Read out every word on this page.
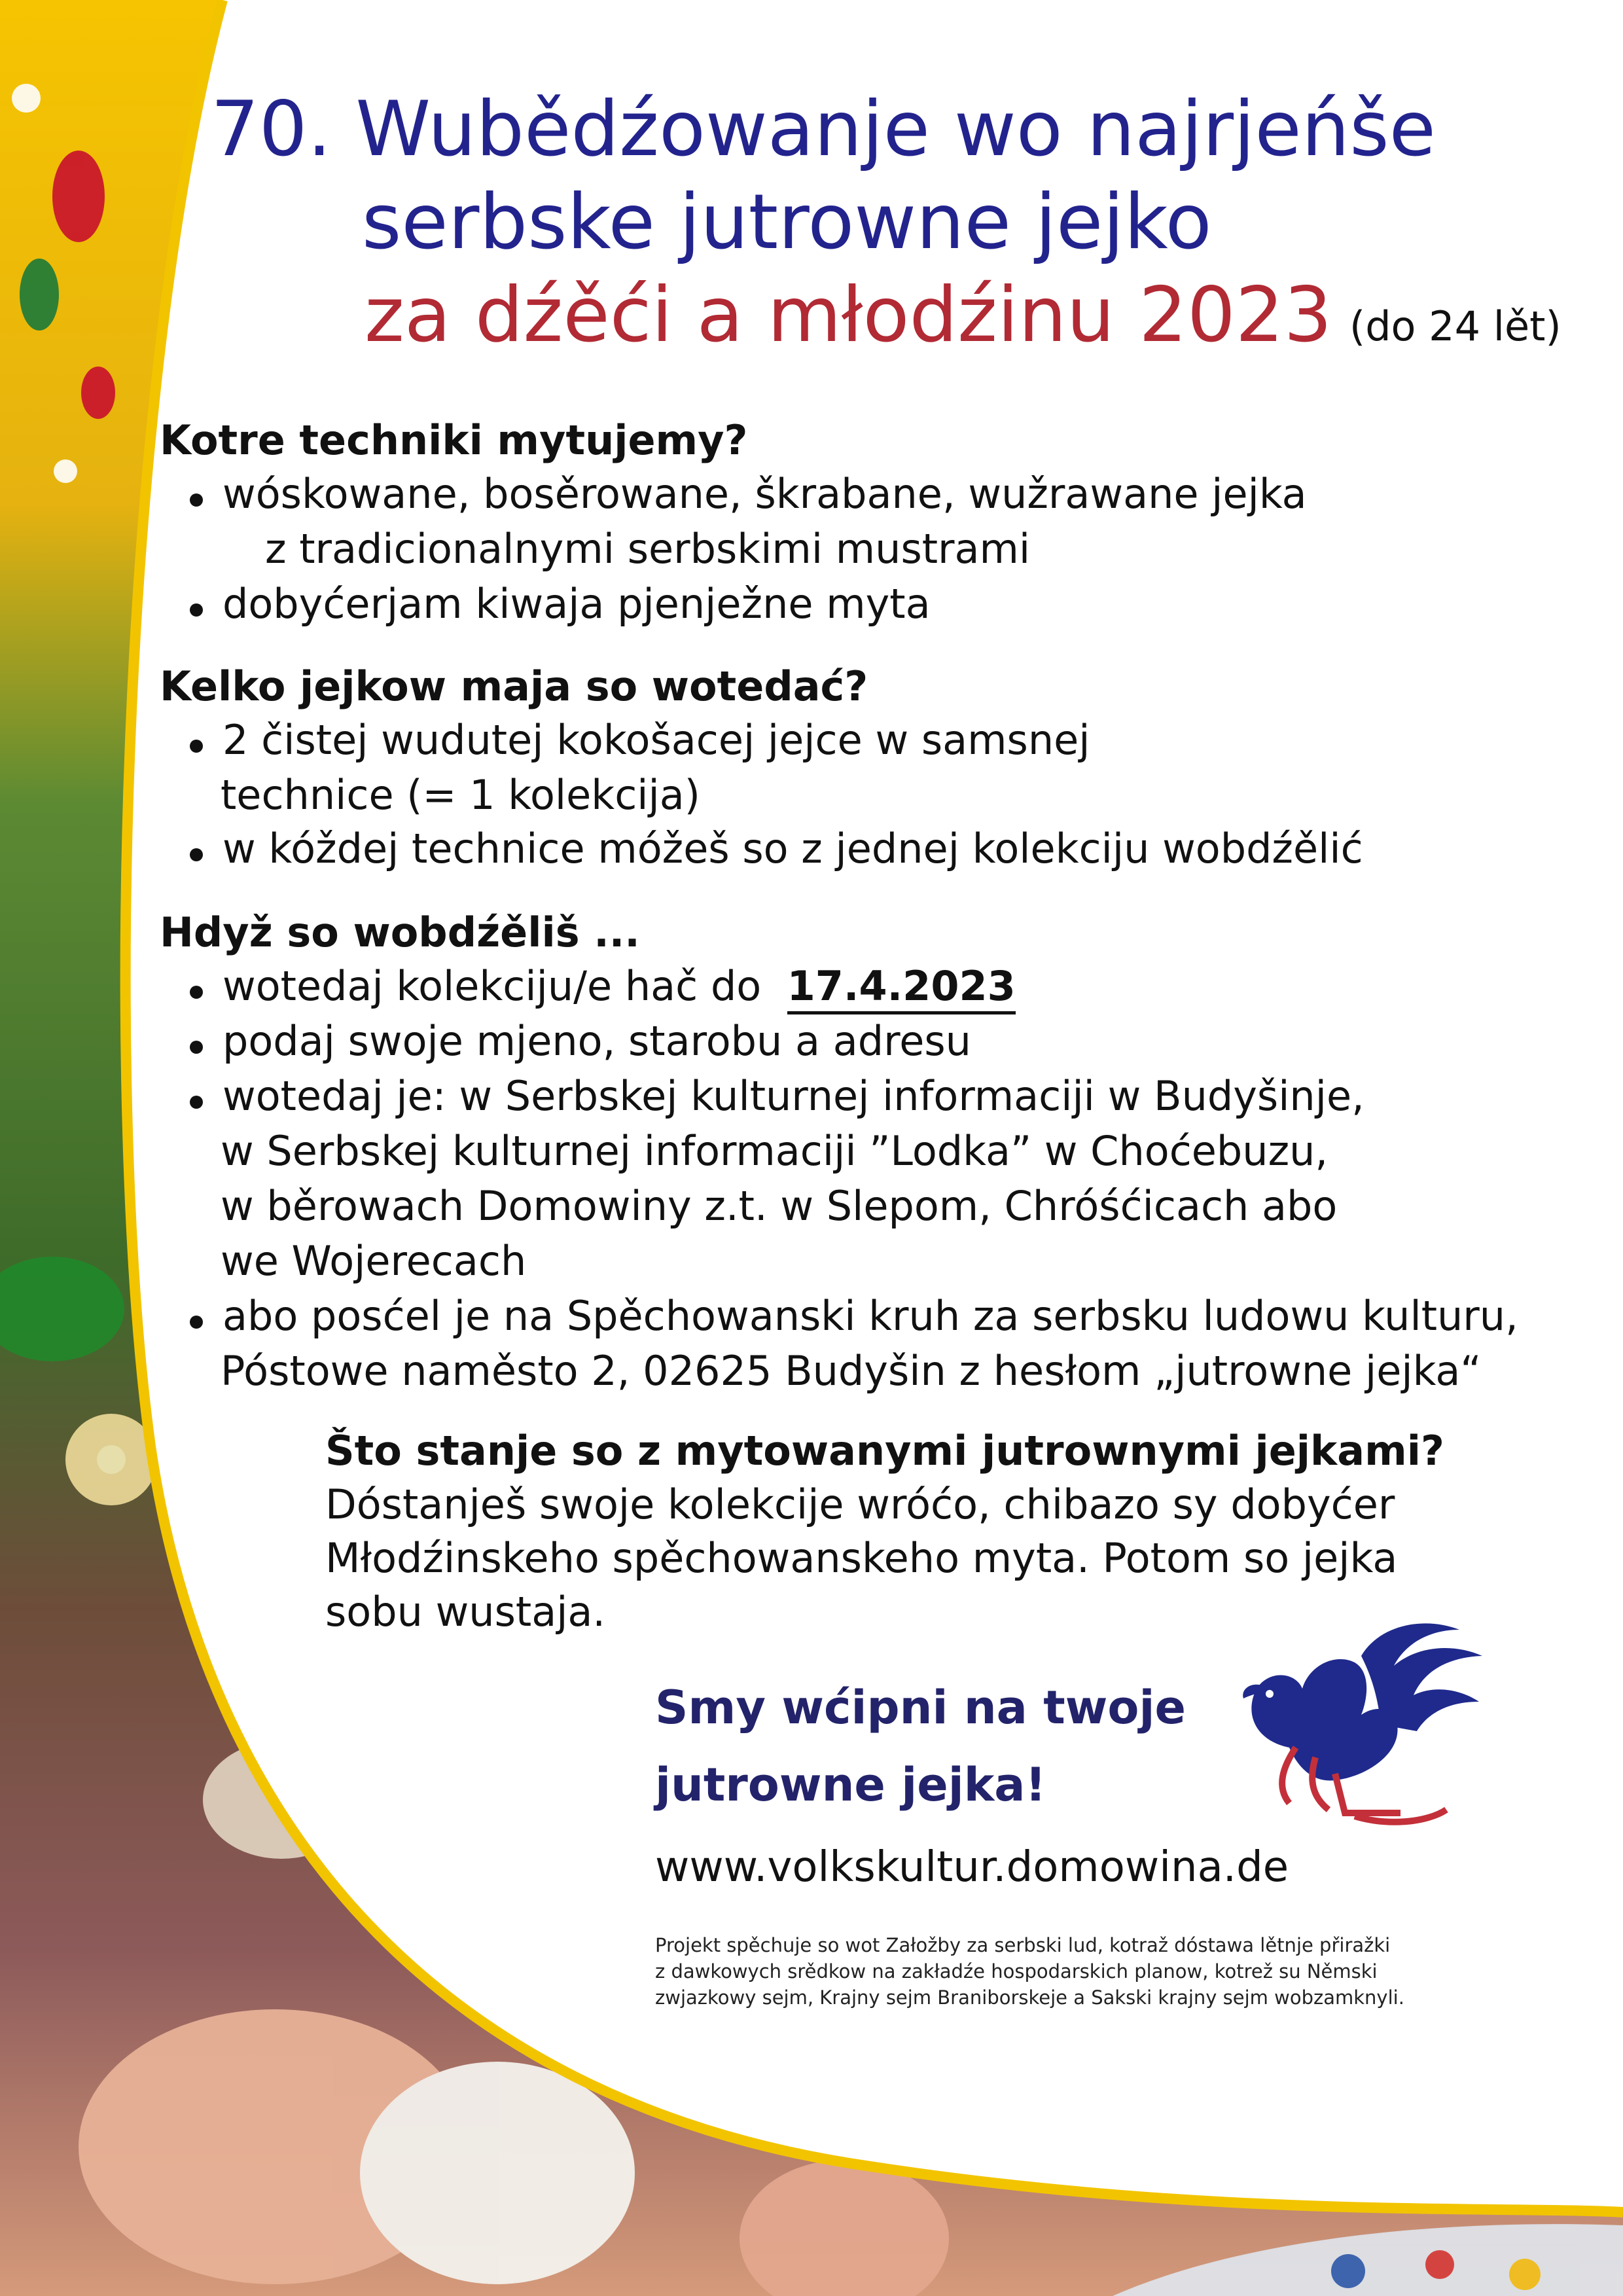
70. Wubědźowanje wo najrjeńše
serbske jutrowne jejko
za dźěći a młodźinu 2023 (do 24 lět)
Kotre techniki mytujemy?
wóskowane, bosěrowane, škrabane, wužrawane jejka
z tradicionalnymi serbskimi mustrami
dobyćerjam kiwaja pjenježne myta
Kelko jejkow maja so wotedać?
2 čistej wudutej kokošacej jejce w samsnej
technice (= 1 kolekcija)
w kóždej technice móžeš so z jednej kolekciju wobdźělić
Hdyž so wobdźěliš ...
wotedaj kolekciju/e hač do 17.4.2023
podaj swoje mjeno, starobu a adresu
wotedaj je: w Serbskej kulturnej informaciji w Budyšinje,
w Serbskej kulturnej informaciji ”Lodka” w Choćebuzu,
w běrowach Domowiny z.t. w Slepom, Chróśćicach abo
we Wojerecach
abo posćel je na Spěchowanski kruh za serbsku ludowu kulturu,
Póstowe naměsto 2, 02625 Budyšin z hesłom „jutrowne jejka“
Što stanje so z mytowanymi jutrownymi jejkami?
Dóstanješ swoje kolekcije wróćo, chibazo sy dobyćer
Młodźinskeho spěchowanskeho myta. Potom so jejka
sobu wustaja.
Smy wćipni na twoje
jutrowne jejka!
www.volkskultur.domowina.de
Projekt spěchuje so wot Załožby za serbski lud, kotraž dóstawa lětnje přiražki
z dawkowych srědkow na zakładźe hospodarskich planow, kotrež su Němski
zwjazkowy sejm, Krajny sejm Braniborskeje a Sakski krajny sejm wobzamknyli.
